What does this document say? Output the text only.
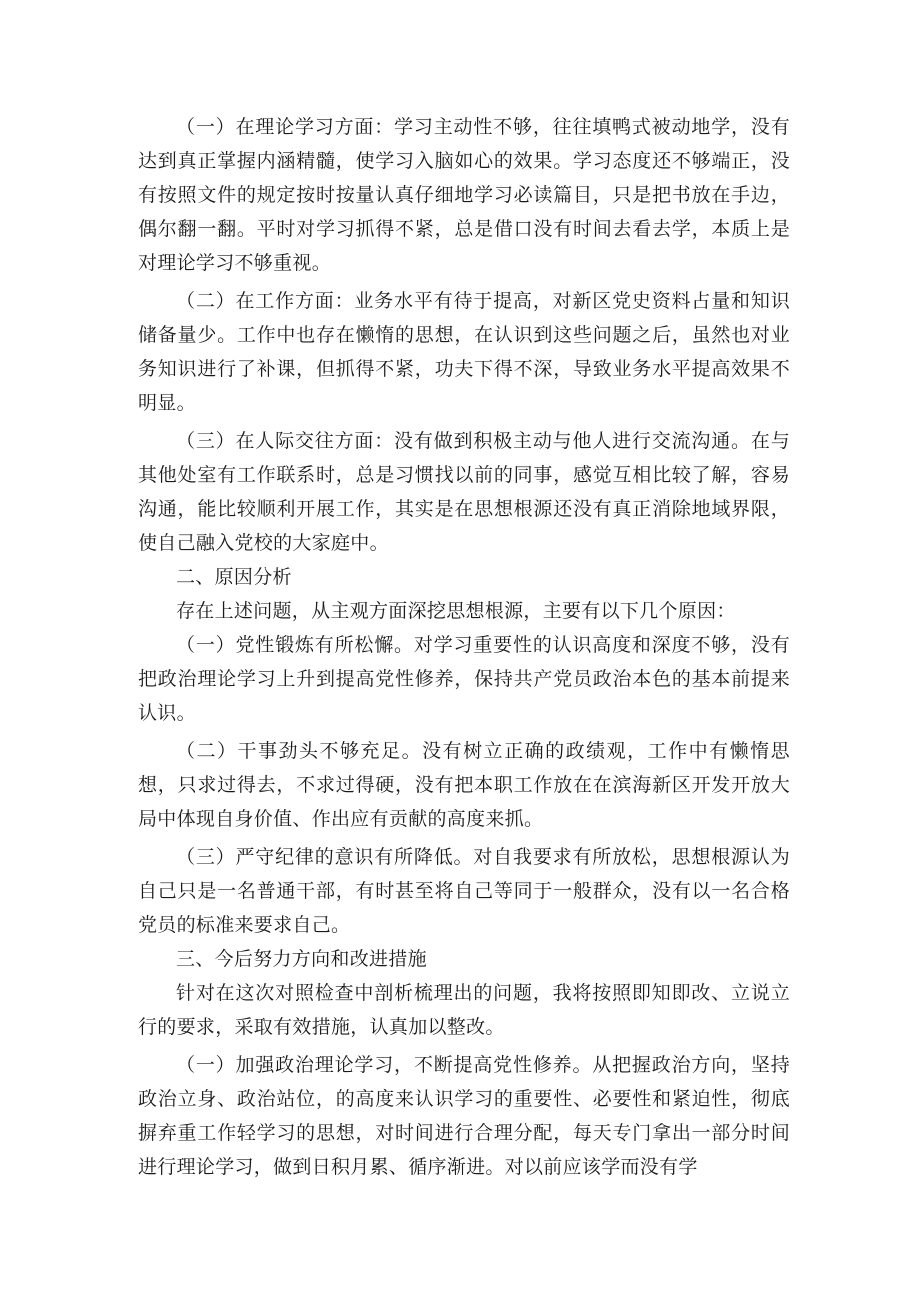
（一）在理论学习方面：学习主动性不够，往往填鸭式被动地学，没有达到真正掌握内涵精髓，使学习入脑如心的效果。学习态度还不够端正，没有按照文件的规定按时按量认真仔细地学习必读篇目，只是把书放在手边，偶尔翻一翻。平时对学习抓得不紧，总是借口没有时间去看去学，本质上是对理论学习不够重视。

（二）在工作方面：业务水平有待于提高，对新区党史资料占量和知识储备量少。工作中也存在懒惰的思想，在认识到这些问题之后，虽然也对业务知识进行了补课，但抓得不紧，功夫下得不深，导致业务水平提高效果不明显。

（三）在人际交往方面：没有做到积极主动与他人进行交流沟通。在与其他处室有工作联系时，总是习惯找以前的同事，感觉互相比较了解，容易沟通，能比较顺利开展工作，其实是在思想根源还没有真正消除地域界限，使自己融入党校的大家庭中。

二、原因分析

存在上述问题，从主观方面深挖思想根源，主要有以下几个原因：

（一）党性锻炼有所松懈。对学习重要性的认识高度和深度不够，没有把政治理论学习上升到提高党性修养，保持共产党员政治本色的基本前提来认识。

（二）干事劲头不够充足。没有树立正确的政绩观，工作中有懒惰思想，只求过得去，不求过得硬，没有把本职工作放在在滨海新区开发开放大局中体现自身价值、作出应有贡献的高度来抓。

（三）严守纪律的意识有所降低。对自我要求有所放松，思想根源认为自己只是一名普通干部，有时甚至将自己等同于一般群众，没有以一名合格党员的标准来要求自己。

三、今后努力方向和改进措施

针对在这次对照检查中剖析梳理出的问题，我将按照即知即改、立说立行的要求，采取有效措施，认真加以整改。

（一）加强政治理论学习，不断提高党性修养。从把握政治方向，坚持政治立身、政治站位，的高度来认识学习的重要性、必要性和紧迫性，彻底摒弃重工作轻学习的思想，对时间进行合理分配，每天专门拿出一部分时间进行理论学习，做到日积月累、循序渐进。对以前应该学而没有学
